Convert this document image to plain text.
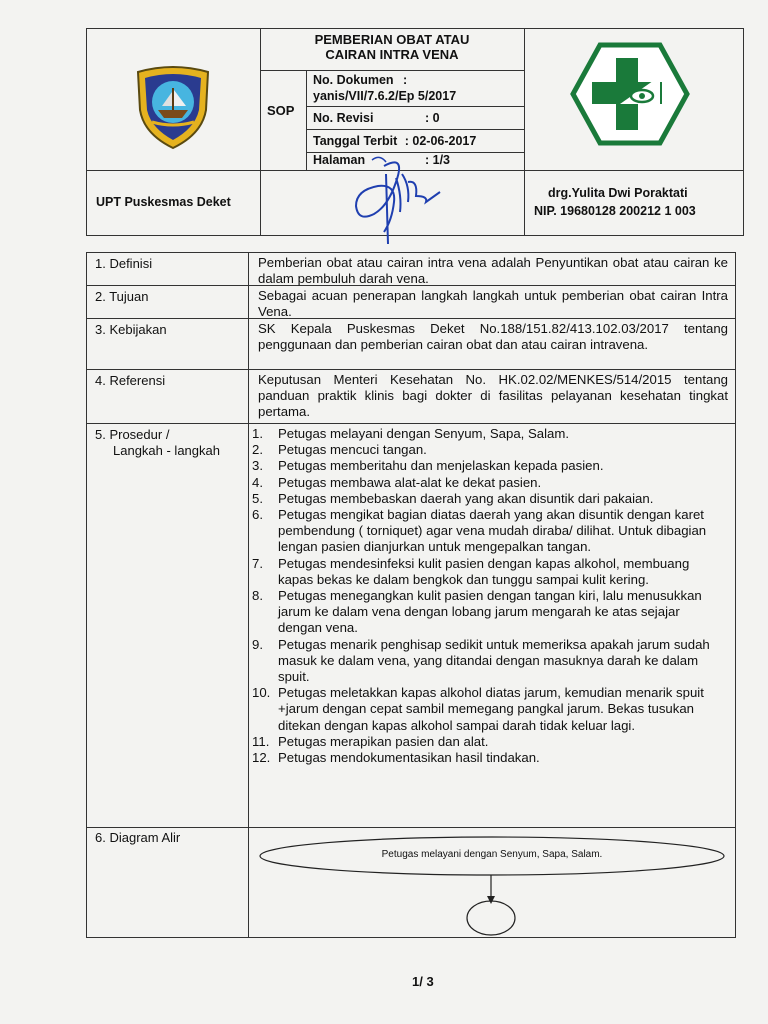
PEMBERIAN OBAT ATAU
CAIRAN INTRA VENA
SOP
No. Dokumen :
yanis/VII/7.6.2/Ep 5/2017
No. Revisi	: 0
Tanggal Terbit : 02-06-2017
Halaman	: 1/3
UPT Puskesmas Deket
drg.Yulita Dwi Poraktati
NIP. 19680128 200212 1 003
1. Definisi	Pemberian obat atau cairan intra vena adalah Penyuntikan obat atau cairan ke dalam pembuluh darah vena.
2. Tujuan	Sebagai acuan penerapan langkah langkah untuk pemberian obat cairan Intra Vena.
3. Kebijakan	SK Kepala Puskesmas Deket No.188/151.82/413.102.03/2017 tentang penggunaan dan pemberian cairan obat dan atau cairan intravena.
4. Referensi	Keputusan Menteri Kesehatan No. HK.02.02/MENKES/514/2015 tentang panduan praktik klinis bagi dokter di fasilitas pelayanan kesehatan tingkat pertama.
5. Prosedur /
Langkah - langkah
1.	Petugas melayani dengan Senyum, Sapa, Salam.
2.	Petugas mencuci tangan.
3.	Petugas memberitahu dan menjelaskan kepada pasien.
4.	Petugas membawa alat-alat ke dekat pasien.
5.	Petugas membebaskan daerah yang akan disuntik dari pakaian.
6.	Petugas mengikat bagian diatas daerah yang akan disuntik dengan karet pembendung ( torniquet) agar vena mudah diraba/ dilihat. Untuk dibagian lengan pasien dianjurkan untuk mengepalkan tangan.
7.	Petugas mendesinfeksi kulit pasien dengan kapas alkohol, membuang kapas bekas ke dalam bengkok dan tunggu sampai kulit kering.
8.	Petugas menegangkan kulit pasien dengan tangan kiri, lalu menusukkan jarum ke dalam vena dengan lobang jarum mengarah ke atas sejajar dengan vena.
9.	Petugas menarik penghisap sedikit untuk memeriksa apakah jarum sudah masuk ke dalam vena, yang ditandai dengan masuknya darah ke dalam spuit.
10. Petugas meletakkan kapas alkohol diatas jarum, kemudian menarik spuit +jarum dengan cepat sambil memegang pangkal jarum. Bekas tusukan ditekan dengan kapas alkohol sampai darah tidak keluar lagi.
11. Petugas merapikan pasien dan alat.
12. Petugas mendokumentasikan hasil tindakan.
6. Diagram Alir
Petugas melayani dengan Senyum, Sapa, Salam.
1/ 3
